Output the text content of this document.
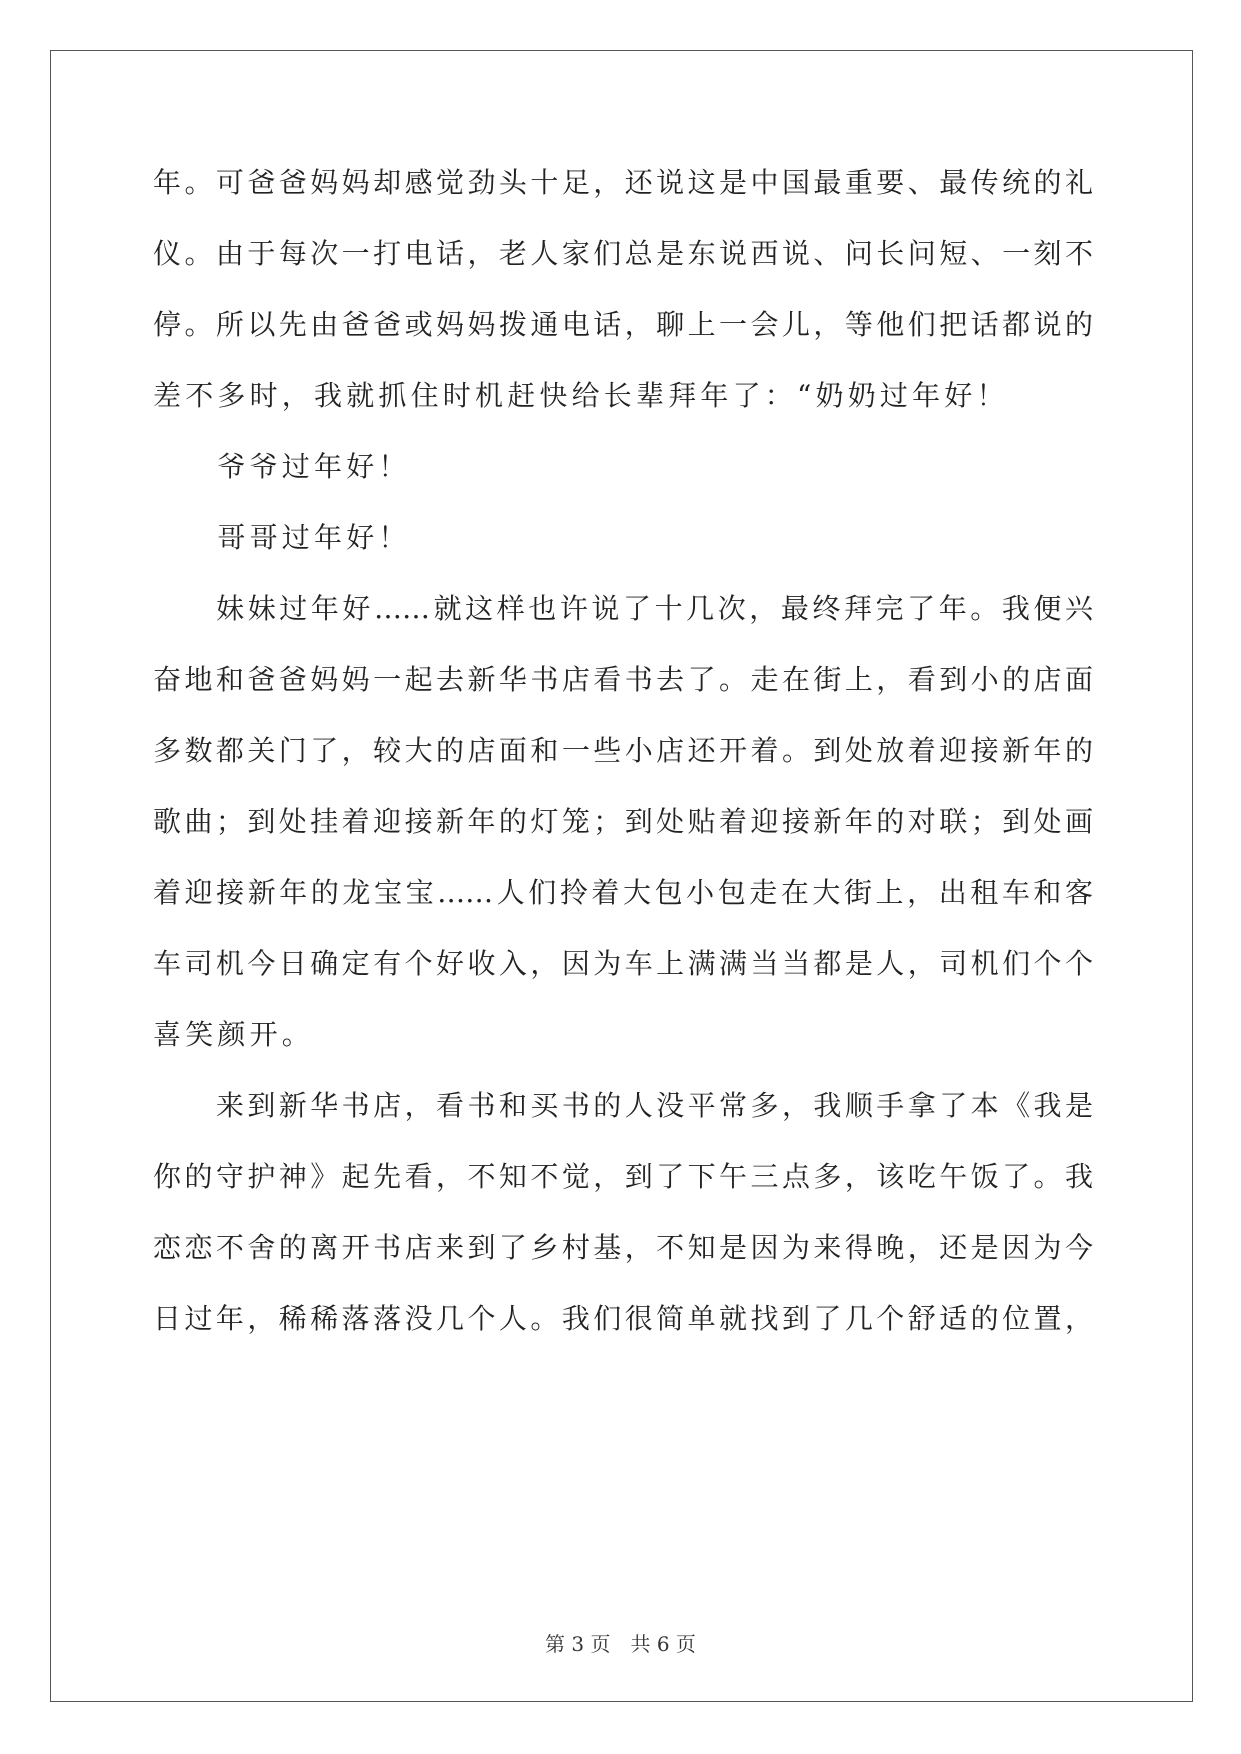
年。可爸爸妈妈却感觉劲头十足，还说这是中国最重要、最传统的礼
仪。由于每次一打电话，老人家们总是东说西说、问长问短、一刻不
停。所以先由爸爸或妈妈拨通电话，聊上一会儿，等他们把话都说的
差不多时，我就抓住时机赶快给长辈拜年了：“奶奶过年好！
　　爷爷过年好！
　　哥哥过年好！
　　妹妹过年好……就这样也许说了十几次，最终拜完了年。我便兴
奋地和爸爸妈妈一起去新华书店看书去了。走在街上，看到小的店面
多数都关门了，较大的店面和一些小店还开着。到处放着迎接新年的
歌曲；到处挂着迎接新年的灯笼；到处贴着迎接新年的对联；到处画
着迎接新年的龙宝宝……人们拎着大包小包走在大街上，出租车和客
车司机今日确定有个好收入，因为车上满满当当都是人，司机们个个
喜笑颜开。
　　来到新华书店，看书和买书的人没平常多，我顺手拿了本《我是
你的守护神》起先看，不知不觉，到了下午三点多，该吃午饭了。我
恋恋不舍的离开书店来到了乡村基，不知是因为来得晚，还是因为今
日过年，稀稀落落没几个人。我们很简单就找到了几个舒适的位置，
第 3 页　共 6 页
